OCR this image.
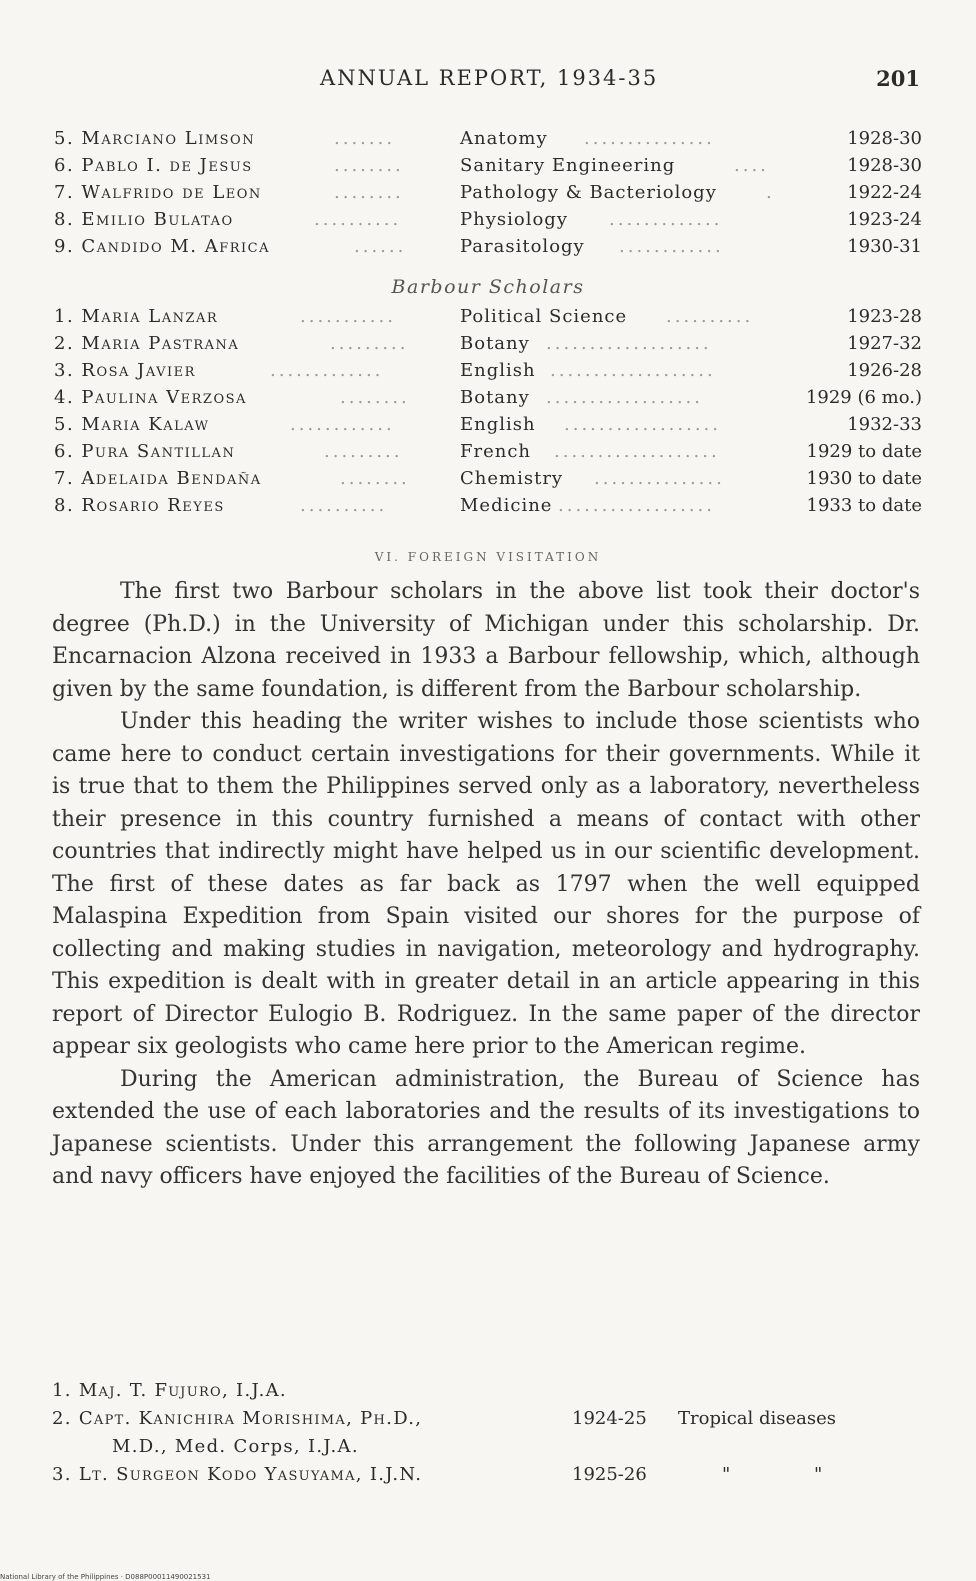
ANNUAL REPORT, 1934-35	201
5. Marciano Limson	.......	Anatomy ...............	1928-30
6. Pablo I. de Jesus	........	Sanitary Engineering	....	1928-30
7. Walfrido de Leon	........	Pathology & Bacteriology	.	1922-24
8. Emilio Bulatao	..........	Physiology .............	1923-24
9. Candido M. Africa	......	Parasitology ............	1930-31
Barbour Scholars
1. Maria Lanzar	...........	Political Science ..........	1923-28
2. Maria Pastrana	.........	Botany ...................	1927-32
3. Rosa Javier	.............	English ...................	1926-28
4. Paulina Verzosa	........	Botany ..................	1929 (6 mo.)
5. Maria Kalaw	............	English ..................	1932-33
6. Pura Santillan	.........	French ...................	1929 to date
7. Adelaida Bendaña	........	Chemistry ...............	1930 to date
8. Rosario Reyes	..........	Medicine ..................	1933 to date
VI. FOREIGN VISITATION

The first two Barbour scholars in the above list took their doctor's degree (Ph.D.) in the University of Michigan under this scholarship. Dr. Encarnacion Alzona received in 1933 a Barbour fellowship, which, although given by the same foundation, is different from the Barbour scholarship.

Under this heading the writer wishes to include those scientists who came here to conduct certain investigations for their governments. While it is true that to them the Philippines served only as a laboratory, nevertheless their presence in this country furnished a means of contact with other countries that indirectly might have helped us in our scientific development. The first of these dates as far back as 1797 when the well equipped Malaspina Expedition from Spain visited our shores for the purpose of collecting and making studies in navigation, meteorology and hydrography. This expedition is dealt with in greater detail in an article appearing in this report of Director Eulogio B. Rodriguez. In the same paper of the director appear six geologists who came here prior to the American regime.

During the American administration, the Bureau of Science has extended the use of each laboratories and the results of its investigations to Japanese scientists. Under this arrangement the following Japanese army and navy officers have enjoyed the facilities of the Bureau of Science.

1. Maj. T. Fujuro, I.J.A.
2. Capt. Kanichira Morishima, Ph.D.,	1924-25 Tropical diseases
M.D., Med. Corps, I.J.A.
3. Lt. Surgeon Kodo Yasuyama, I.J.N.	1925-26	"	"
National Library of the Philippines · D088P00011490021531
